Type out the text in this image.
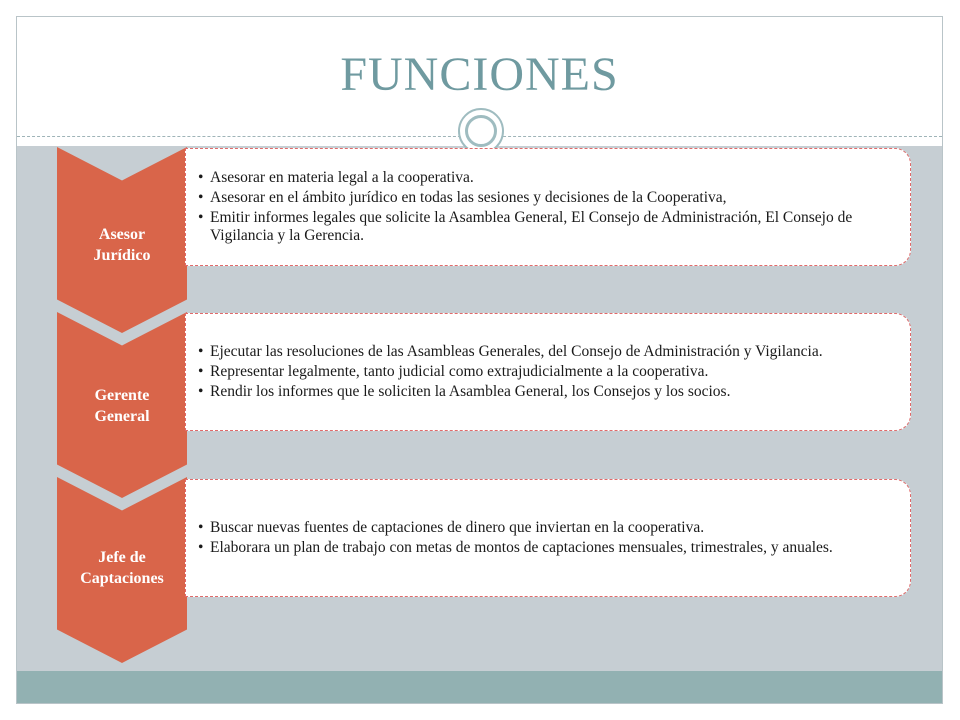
FUNCIONES
Asesor
Jurídico
• Asesorar en materia legal a la cooperativa.
• Asesorar en el ámbito jurídico en todas las sesiones y decisiones de la Cooperativa,
• Emitir informes legales que solicite la Asamblea General, El Consejo de Administración, El Consejo de Vigilancia y la Gerencia.
Gerente
General
• Ejecutar las resoluciones de las Asambleas Generales, del Consejo de Administración y Vigilancia.
• Representar legalmente, tanto judicial como extrajudicialmente a la cooperativa.
• Rendir los informes que le soliciten la Asamblea General, los Consejos y los socios.
Jefe de
Captaciones
• Buscar nuevas fuentes de captaciones de dinero que inviertan en la cooperativa.
• Elaborara un plan de trabajo con metas de montos de captaciones mensuales, trimestrales, y anuales.
